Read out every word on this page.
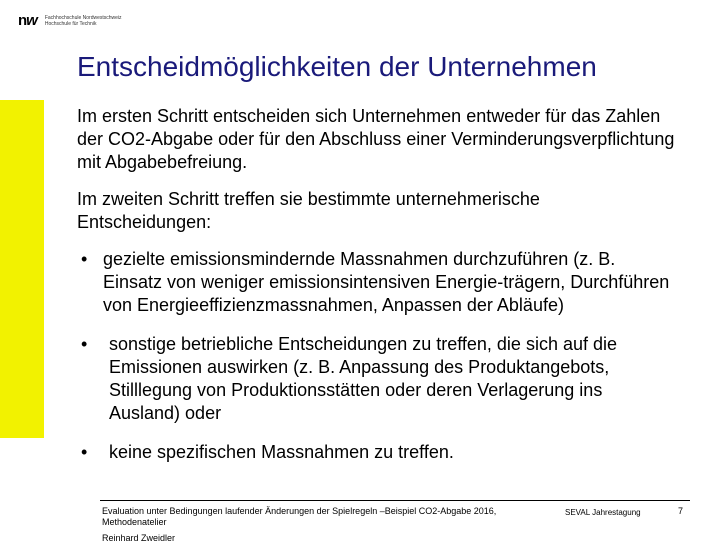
nw Fachhochschule Nordwestschweiz
Hochschule für Technik
Entscheidmöglichkeiten der Unternehmen

Im ersten Schritt entscheiden sich Unternehmen entweder für das Zahlen der CO2-Abgabe oder für den Abschluss einer Verminderungsverpflichtung mit Abgabebefreiung.

Im zweiten Schritt treffen sie bestimmte unternehmerische Entscheidungen:

• gezielte emissionsmindernde Massnahmen durchzuführen (z. B. Einsatz von weniger emissionsintensiven Energie-trägern, Durchführen von Energieeffizienzmassnahmen, Anpassen der Abläufe)
•	sonstige betriebliche Entscheidungen zu treffen, die sich auf die Emissionen auswirken (z. B. Anpassung des Produktangebots, Stilllegung von Produktionsstätten oder deren Verlagerung ins Ausland) oder
•	keine spezifischen Massnahmen zu treffen.
Evaluation unter Bedingungen laufender Änderungen der Spielregeln –Beispiel CO2-Abgabe 2016, Methodenatelier
Reinhard Zweidler
SEVAL Jahrestagung	7
